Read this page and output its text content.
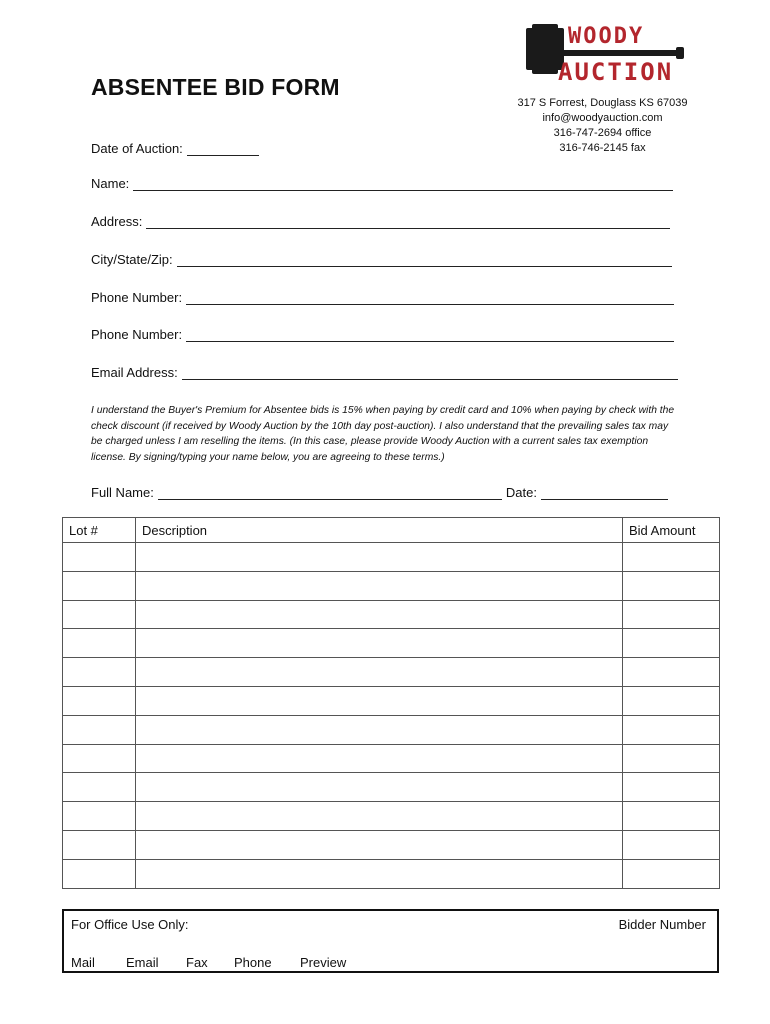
ABSENTEE BID FORM
WOODY
AUCTION
317 S Forrest, Douglass KS 67039
info@woodyauction.com
316-747-2694 office
316-746-2145 fax
Date of Auction:
Name:
Address:
City/State/Zip:
Phone Number:
Phone Number:
Email Address:
I understand the Buyer's Premium for Absentee bids is 15% when paying by credit card and 10% when paying by check with the check discount (if received by Woody Auction by the 10th day post-auction). I also understand that the prevailing sales tax may be charged unless I am reselling the items. (In this case, please provide Woody Auction with a current sales tax exemption license. By signing/typing your name below, you are agreeing to these terms.)
Full Name:	Date:
Lot #	Description	Bid Amount

For Office Use Only:	Bidder Number
Mail	Email	Fax	Phone	Preview
